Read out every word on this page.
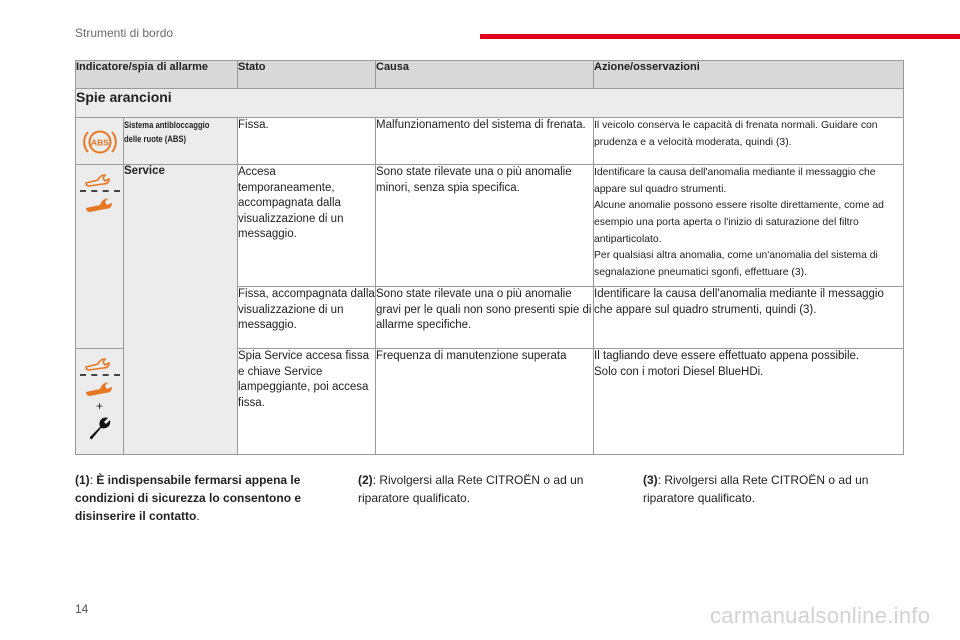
Strumenti di bordo
Indicatore/spia di allarme		Stato	Causa	Azione/osservazioni
Spie arancioni				

ABS	Sistema antibloccaggio delle ruote (ABS)	Fissa.	Malfunzionamento del sistema di frenata.	Il veicolo conserva le capacità di frenata normali. Guidare con prudenza e a velocità moderata, quindi (3).

	Service	Accesa temporaneamente, accompagnata dalla visualizzazione di un messaggio.	Sono state rilevate una o più anomalie minori, senza spia specifica.	Identificare la causa dell'anomalia mediante il messaggio che appare sul quadro strumenti.
Alcune anomalie possono essere risolte direttamente, come ad esempio una porta aperta o l'inizio di saturazione del filtro antiparticolato.
Per qualsiasi altra anomalia, come un'anomalia del sistema di segnalazione pneumatici sgonfi, effettuare (3).

		Fissa, accompagnata dalla visualizzazione di un messaggio.	Sono state rilevate una o più anomalie gravi per le quali non sono presenti spie di allarme specifiche.	Identificare la causa dell'anomalia mediante il messaggio che appare sul quadro strumenti, quindi (3).

+		Spia Service accesa fissa e chiave Service lampeggiante, poi accesa fissa.	Frequenza di manutenzione superata	Il tagliando deve essere effettuato appena possibile.
Solo con i motori Diesel BlueHDi.
(1): È indispensabile fermarsi appena le condizioni di sicurezza lo consentono e disinserire il contatto.
(2): Rivolgersi alla Rete CITROËN o ad un riparatore qualificato.
(3): Rivolgersi alla Rete CITROËN o ad un riparatore qualificato.
14	carmanualsonline.info
